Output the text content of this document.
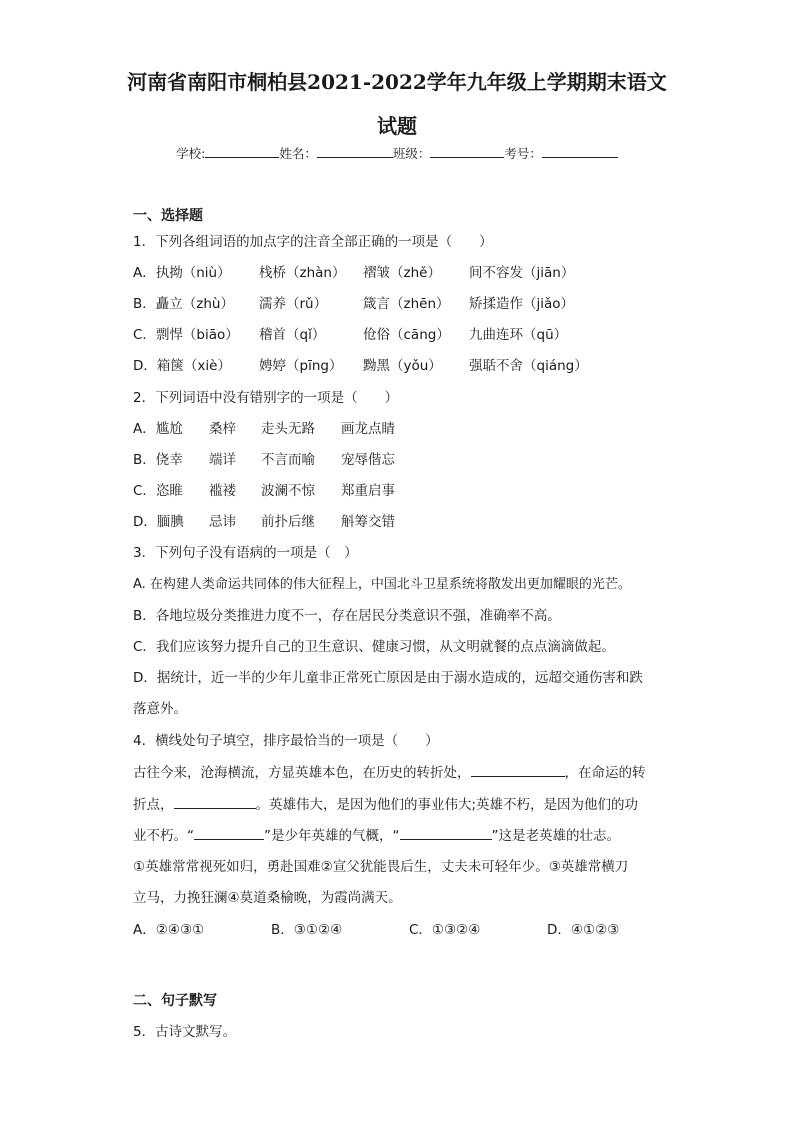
河南省南阳市桐柏县2021-2022学年九年级上学期期末语文
试题
学校:	姓名：	班级：	考号：
一、选择题
1．下列各组词语的加点字的注音全部正确的一项是（　　）
A．执拗（niù） 栈桥（zhàn） 褶皱（zhě） 间不容发（jiān）
B．矗立（zhù） 濡养（rǔ）	箴言（zhēn） 矫揉造作（jiǎo）
C．剽悍（biāo） 稽首（qǐ）	伧俗（cāng） 九曲连环（qū）
D．箱箧（xiè） 娉婷（pīng） 黝黑（yǒu） 强聒不舍（qiáng）
2．下列词语中没有错别字的一项是（　　）
A．尴尬 桑梓 走头无路 画龙点睛
B．侥幸 端详 不言而喻 宠辱偕忘
C．恣睢 褴褛 波澜不惊 郑重启事
D．腼腆 忌讳 前扑后继 斛筹交错
3．下列句子没有语病的一项是（　）
A. 在构建人类命运共同体的伟大征程上，中国北斗卫星系统将散发出更加耀眼的光芒。
B．各地垃圾分类推进力度不一，存在居民分类意识不强，准确率不高。
C．我们应该努力提升自己的卫生意识、健康习惯，从文明就餐的点点滴滴做起。
D．据统计，近一半的少年儿童非正常死亡原因是由于溺水造成的，远超交通伤害和跌
落意外。
4．横线处句子填空，排序最恰当的一项是（　　）
古往今来，沧海横流，方显英雄本色，在历史的转折处，	，在命运的转
折点，	。英雄伟大，是因为他们的事业伟大;英雄不朽，是因为他们的功
业不朽。“	”是少年英雄的气概，“	”这是老英雄的壮志。
①英雄常常视死如归，勇赴国难②宣父犹能畏后生，丈夫未可轻年少。③英雄常横刀
立马，力挽狂澜④莫道桑榆晚，为霞尚满天。
A．②④③①	B．③①②④	C．①③②④	D．④①②③
二、句子默写
5．古诗文默写。
